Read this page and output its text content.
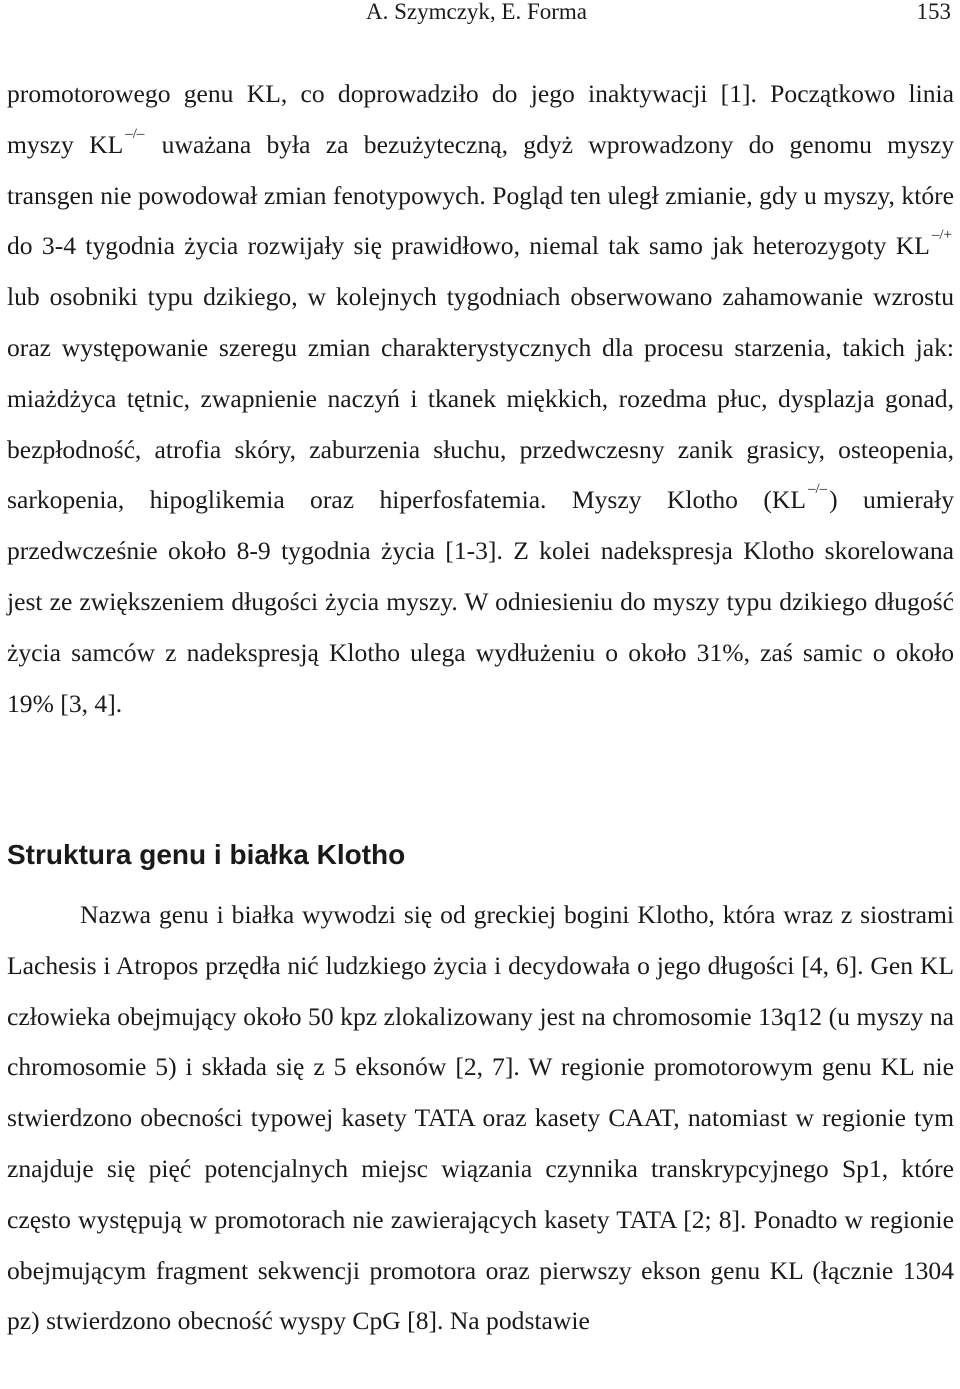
A. Szymczyk, E. Forma	153
promotorowego genu KL, co doprowadziło do jego inaktywacji [1]. Początkowo linia myszy KL –/– uważana była za bezużyteczną, gdyż wprowadzony do genomu myszy transgen nie powodował zmian fenotypowych. Pogląd ten uległ zmianie, gdy u myszy, które do 3-4 tygodnia życia rozwijały się prawidłowo, niemal tak samo jak heterozygoty KL –/+ lub osobniki typu dzikiego, w kolejnych tygodniach obserwowano zahamowanie wzrostu oraz występowanie szeregu zmian charakterystycznych dla procesu starzenia, takich jak: miażdżyca tętnic, zwapnienie naczyń i tkanek miękkich, rozedma płuc, dysplazja gonad, bezpłodność, atrofia skóry, zaburzenia słuchu, przedwczesny zanik grasicy, osteopenia, sarkopenia, hipoglikemia oraz hiperfosfatemia. Myszy Klotho (KL –/–) umierały przedwcześnie około 8-9 tygodnia życia [1-3]. Z kolei nadekspresja Klotho skorelowana jest ze zwiększeniem długości życia myszy. W odniesieniu do myszy typu dzikiego długość życia samców z nadekspresją Klotho ulega wydłużeniu o około 31%, zaś samic o około 19% [3, 4].
Struktura genu i białka Klotho
Nazwa genu i białka wywodzi się od greckiej bogini Klotho, która wraz z siostrami Lachesis i Atropos przędła nić ludzkiego życia i decydowała o jego długości [4, 6]. Gen KL człowieka obejmujący około 50 kpz zlokalizowany jest na chromosomie 13q12 (u myszy na chromosomie 5) i składa się z 5 eksonów [2, 7]. W regionie promotorowym genu KL nie stwierdzono obecności typowej kasety TATA oraz kasety CAAT, natomiast w regionie tym znajduje się pięć potencjalnych miejsc wiązania czynnika transkrypcyjnego Sp1, które często występują w promotorach nie zawierających kasety TATA [2; 8]. Ponadto w regionie obejmującym fragment sekwencji promotora oraz pierwszy ekson genu KL (łącznie 1304 pz) stwierdzono obecność wyspy CpG [8]. Na podstawie
